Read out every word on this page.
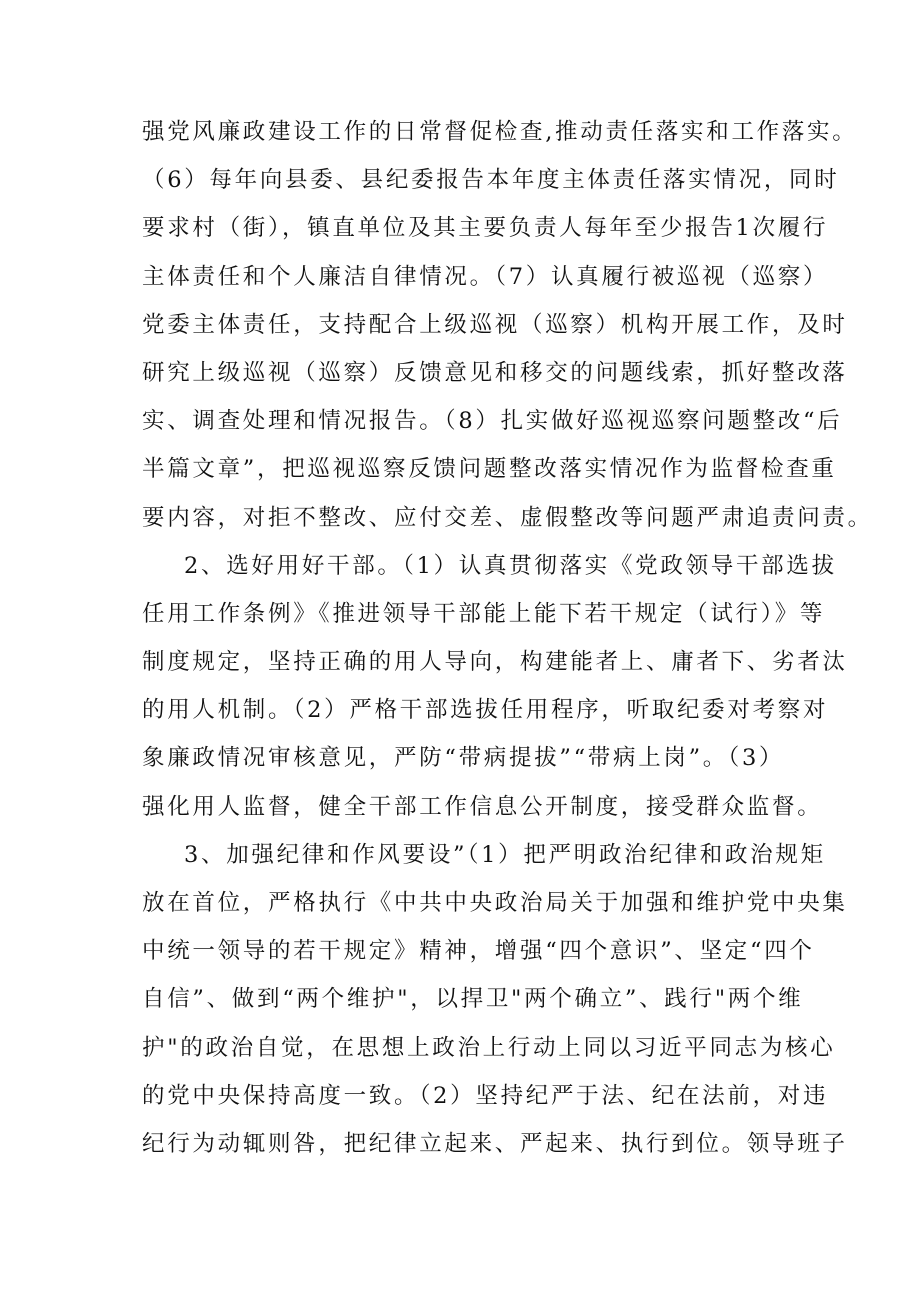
强党风廉政建设工作的日常督促检查,推动责任落实和工作落实。
（6）每年向县委、县纪委报告本年度主体责任落实情况，同时
要求村（街），镇直单位及其主要负责人每年至少报告1次履行
主体责任和个人廉洁自律情况。（7）认真履行被巡视（巡察）
党委主体责任，支持配合上级巡视（巡察）机构开展工作，及时
研究上级巡视（巡察）反馈意见和移交的问题线索，抓好整改落
实、调查处理和情况报告。（8）扎实做好巡视巡察问题整改“后
半篇文章”，把巡视巡察反馈问题整改落实情况作为监督检查重
要内容，对拒不整改、应付交差、虚假整改等问题严肃追责问责。
2、选好用好干部。（1）认真贯彻落实《党政领导干部选拔
任用工作条例》《推进领导干部能上能下若干规定（试行）》等
制度规定，坚持正确的用人导向，构建能者上、庸者下、劣者汰
的用人机制。（2）严格干部选拔任用程序，听取纪委对考察对
象廉政情况审核意见，严防“带病提拔”“带病上岗”。（3）
强化用人监督，健全干部工作信息公开制度，接受群众监督。
3、加强纪律和作风要设”（1）把严明政治纪律和政治规矩
放在首位，严格执行《中共中央政治局关于加强和维护党中央集
中统一领导的若干规定》精神，增强“四个意识”、坚定“四个
自信”、做到“两个维护"，以捍卫"两个确立”、践行"两个维
护"的政治自觉，在思想上政治上行动上同以习近平同志为核心
的党中央保持高度一致。（2）坚持纪严于法、纪在法前，对违
纪行为动辄则咎，把纪律立起来、严起来、执行到位。领导班子
